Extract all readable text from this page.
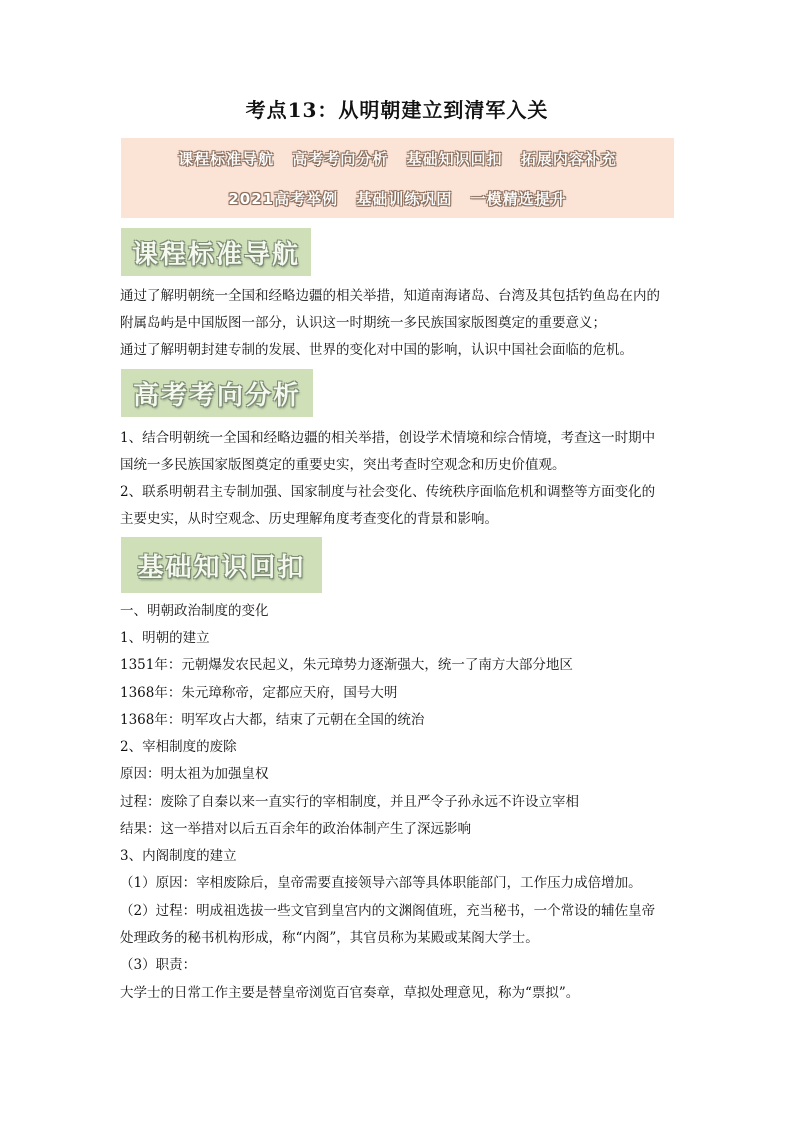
考点13：从明朝建立到清军入关
课程标准导航 高考考向分析 基础知识回扣 拓展内容补充
2021高考举例 基础训练巩固 一模精选提升
课程标准导航
通过了解明朝统一全国和经略边疆的相关举措，知道南海诸岛、台湾及其包括钓鱼岛在内的
附属岛屿是中国版图一部分，认识这一时期统一多民族国家版图奠定的重要意义；
通过了解明朝封建专制的发展、世界的变化对中国的影响，认识中国社会面临的危机。
高考考向分析
1、结合明朝统一全国和经略边疆的相关举措，创设学术情境和综合情境，考查这一时期中
国统一多民族国家版图奠定的重要史实，突出考查时空观念和历史价值观。
2、联系明朝君主专制加强、国家制度与社会变化、传统秩序面临危机和调整等方面变化的
主要史实，从时空观念、历史理解角度考查变化的背景和影响。
基础知识回扣
一、明朝政治制度的变化
1、明朝的建立
1351年：元朝爆发农民起义，朱元璋势力逐渐强大，统一了南方大部分地区
1368年：朱元璋称帝，定都应天府，国号大明
1368年：明军攻占大都，结束了元朝在全国的统治
2、宰相制度的废除
原因：明太祖为加强皇权
过程：废除了自秦以来一直实行的宰相制度，并且严令子孙永远不许设立宰相
结果：这一举措对以后五百余年的政治体制产生了深远影响
3、内阁制度的建立
（1）原因：宰相废除后，皇帝需要直接领导六部等具体职能部门，工作压力成倍增加。
（2）过程：明成祖选拔一些文官到皇宫内的文渊阁值班，充当秘书，一个常设的辅佐皇帝
处理政务的秘书机构形成，称“内阁”，其官员称为某殿或某阁大学士。
（3）职责：
大学士的日常工作主要是替皇帝浏览百官奏章，草拟处理意见，称为“票拟”。
